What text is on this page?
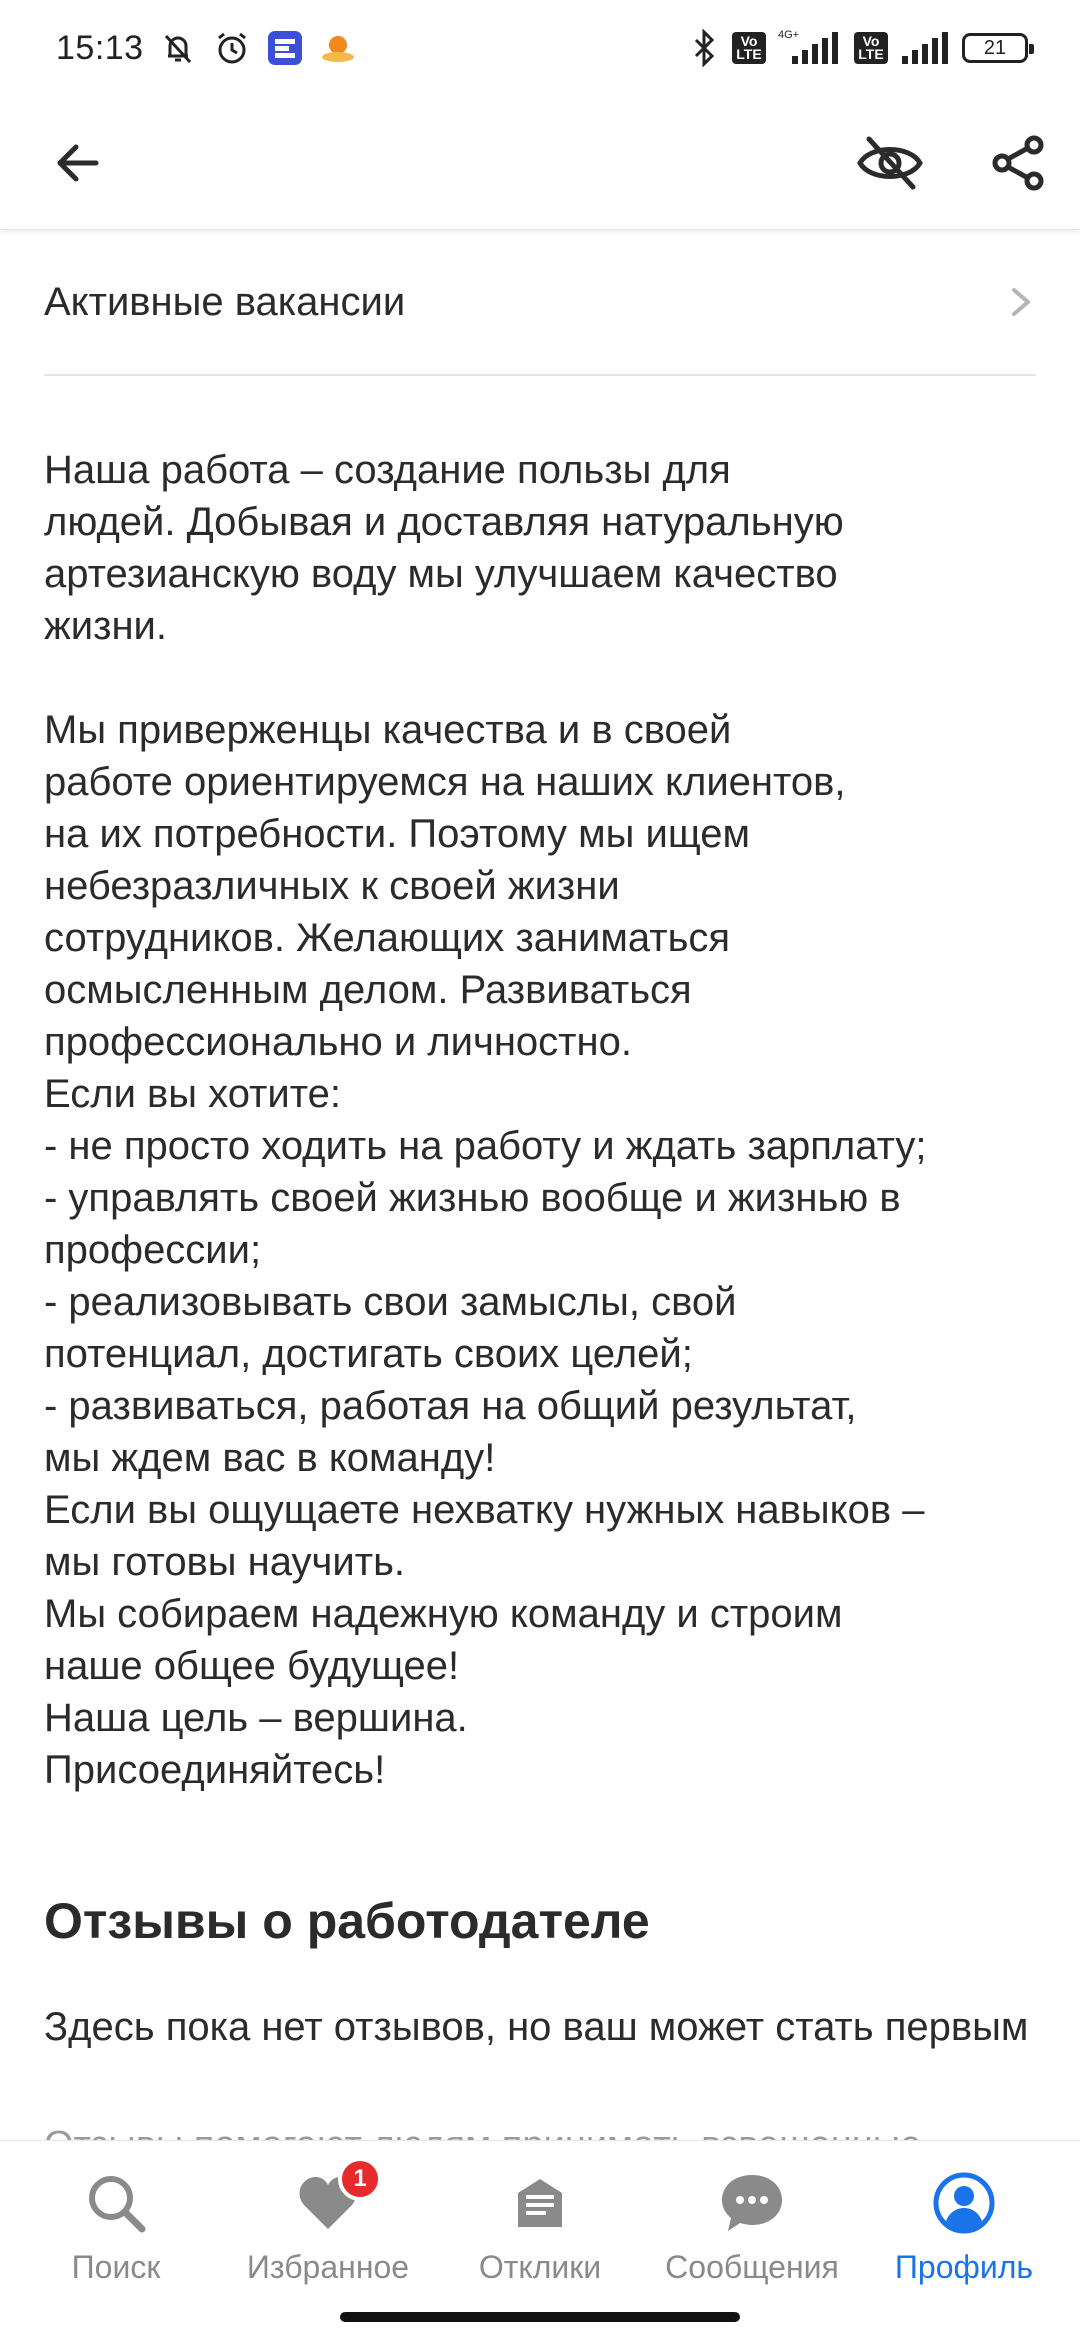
15:13	Vo LTE
4G+	Vo LTE	21
Активные вакансии
Наша работа – создание пользы для
людей. Добывая и доставляя натуральную
артезианскую воду мы улучшаем качество
жизни.

Мы приверженцы качества и в своей
работе ориентируемся на наших клиентов,
на их потребности. Поэтому мы ищем
небезразличных к своей жизни
сотрудников. Желающих заниматься
осмысленным делом. Развиваться
профессионально и личностно.
Если вы хотите:
- не просто ходить на работу и ждать зарплату;
- управлять своей жизнью вообще и жизнью в
профессии;
- реализовывать свои замыслы, свой
потенциал, достигать своих целей;
- развиваться, работая на общий результат,
мы ждем вас в команду!
Если вы ощущаете нехватку нужных навыков –
мы готовы научить.
Мы собираем надежную команду и строим
наше общее будущее!
Наша цель – вершина.
Присоединяйтесь!
Отзывы о работодателе
Здесь пока нет отзывов, но ваш может стать первым
Поиск
1
Избранное Отклики Сообщения Профиль
